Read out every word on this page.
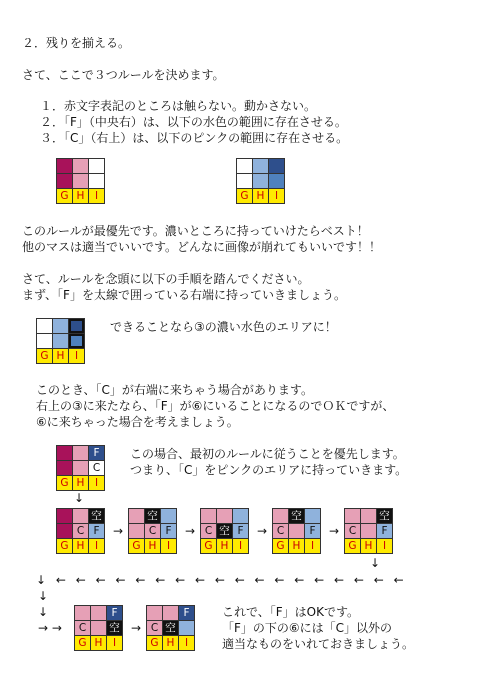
２．残りを揃える。
さて、ここで３つルールを決めます。
１．赤文字表記のところは触らない。動かさない。
２．「F」（中央右）は、以下の水色の範囲に存在させる。
３．「C」（右上）は、以下のピンクの範囲に存在させる。
G H I	G H I
このルールが最優先です。濃いところに持っていけたらベスト！
他のマスは適当でいいです。どんなに画像が崩れてもいいです！！
さて、ルールを念頭に以下の手順を踏んでください。
まず、「F」を太線で囲っている右端に持っていきましょう。
G H I
できることなら③の濃い水色のエリアに！
このとき、「C」が右端に来ちゃう場合があります。
右上の③に来たなら、「F」が⑥にいることになるのでＯＫですが、
⑥に来ちゃった場合を考えましょう。
F
C
G H I
この場合、最初のルールに従うことを優先します。
つまり、「C」をピンクのエリアに持っていきます。
↓
空
C F
G H I
→
空
C F
G H I
→ C 空 F
G H I
→
空
C	F
G H I
→
空
C	F
G H I
↓
↓ ← ← ← ← ← ← ← ← ← ← ← ← ← ← ← ← ← ←
↓
↓
→ →
F
C	空
G H I
→
F
C 空
G H I
これで、「F」はOKです。
「F」の下の⑥には「C」以外の
適当なものをいれておきましょう。
